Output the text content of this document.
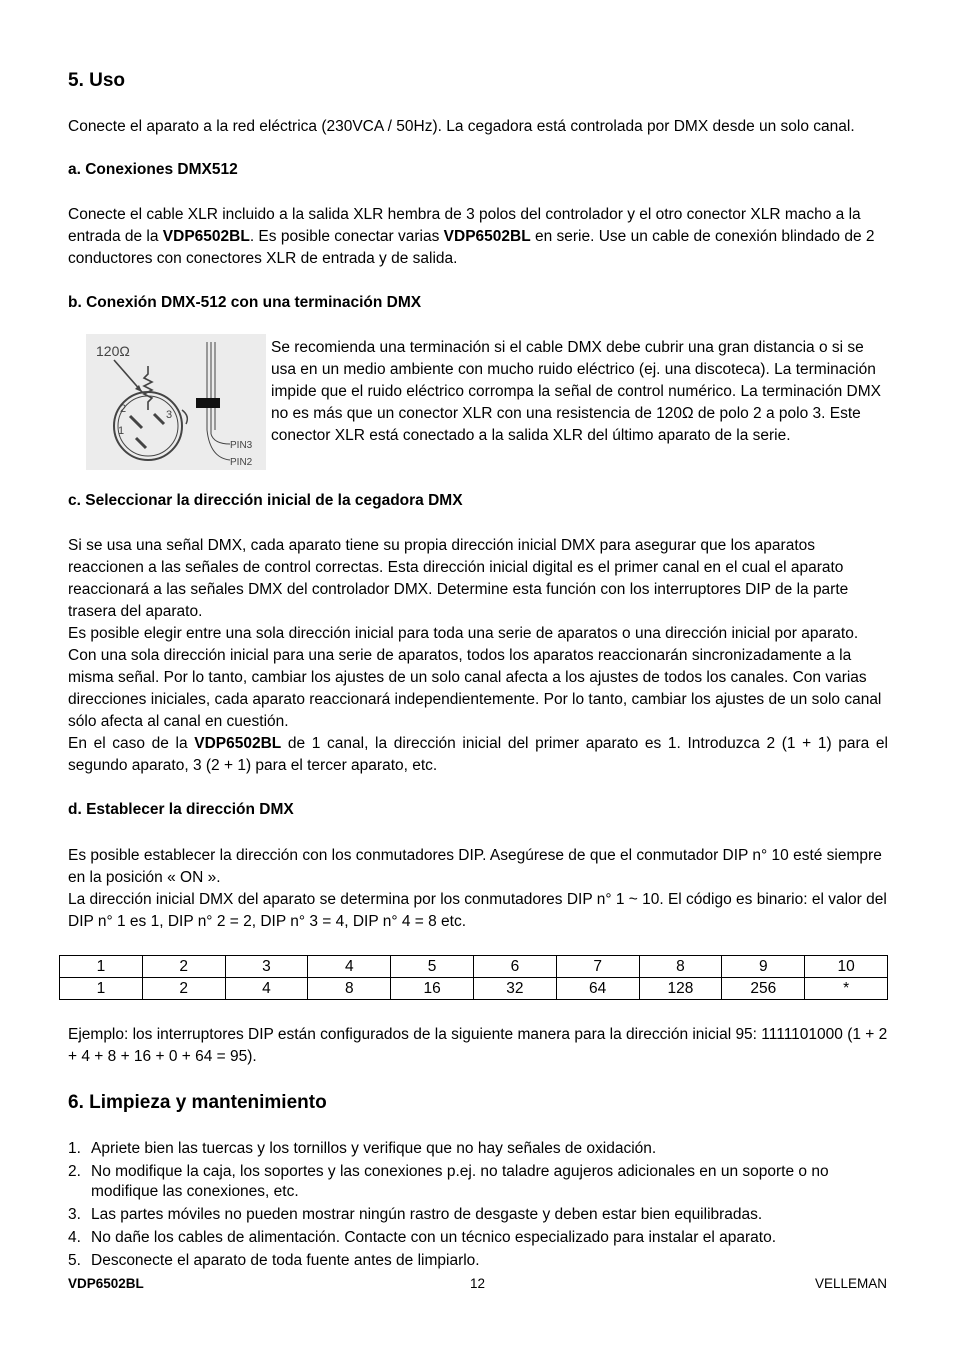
5. Uso
Conecte el aparato a la red eléctrica (230VCA / 50Hz). La cegadora está controlada por DMX desde un solo canal.
a. Conexiones DMX512
Conecte el cable XLR incluido a la salida XLR hembra de 3 polos del controlador y el otro conector XLR macho a la entrada de la VDP6502BL. Es posible conectar varias VDP6502BL en serie. Use un cable de conexión blindado de 2 conductores con conectores XLR de entrada y de salida.
b. Conexión DMX-512 con una terminación DMX
120Ω
2
1
3
PIN3
PIN2
Se recomienda una terminación si el cable DMX debe cubrir una gran distancia o si se usa en un medio ambiente con mucho ruido eléctrico (ej. una discoteca). La terminación impide que el ruido eléctrico corrompa la señal de control numérico. La terminación DMX no es más que un conector XLR con una resistencia de 120Ω de polo 2 a polo 3. Este conector XLR está conectado a la salida XLR del último aparato de la serie.
c. Seleccionar la dirección inicial de la cegadora DMX
Si se usa una señal DMX, cada aparato tiene su propia dirección inicial DMX para asegurar que los aparatos reaccionen a las señales de control correctas. Esta dirección inicial digital es el primer canal en el cual el aparato reaccionará a las señales DMX del controlador DMX. Determine esta función con los interruptores DIP de la parte trasera del aparato.
Es posible elegir entre una sola dirección inicial para toda una serie de aparatos o una dirección inicial por aparato. Con una sola dirección inicial para una serie de aparatos, todos los aparatos reaccionarán sincronizadamente a la misma señal. Por lo tanto, cambiar los ajustes de un solo canal afecta a los ajustes de todos los canales. Con varias direcciones iniciales, cada aparato reaccionará independientemente. Por lo tanto, cambiar los ajustes de un solo canal sólo afecta al canal en cuestión.
En el caso de la VDP6502BL de 1 canal, la dirección inicial del primer aparato es 1. Introduzca 2 (1 + 1) para el segundo aparato, 3 (2 + 1) para el tercer aparato, etc.
d. Establecer la dirección DMX
Es posible establecer la dirección con los conmutadores DIP. Asegúrese de que el conmutador DIP n° 10 esté siempre en la posición « ON ».
La dirección inicial DMX del aparato se determina por los conmutadores DIP n° 1 ~ 10. El código es binario: el valor del DIP n° 1 es 1, DIP n° 2 = 2, DIP n° 3 = 4, DIP n° 4 = 8 etc.
1	2	3	4	5	6	7	8	9	10
1	2	4	8	16	32	64	128	256	*
Ejemplo: los interruptores DIP están configurados de la siguiente manera para la dirección inicial 95: 1111101000 (1 + 2 + 4 + 8 + 16 + 0 + 64 = 95).
6. Limpieza y mantenimiento
1. Apriete bien las tuercas y los tornillos y verifique que no hay señales de oxidación.
2. No modifique la caja, los soportes y las conexiones p.ej. no taladre agujeros adicionales en un soporte o no modifique las conexiones, etc.
3. Las partes móviles no pueden mostrar ningún rastro de desgaste y deben estar bien equilibradas.
4. No dañe los cables de alimentación. Contacte con un técnico especializado para instalar el aparato.
5. Desconecte el aparato de toda fuente antes de limpiarlo.
VDP6502BL	12	VELLEMAN
